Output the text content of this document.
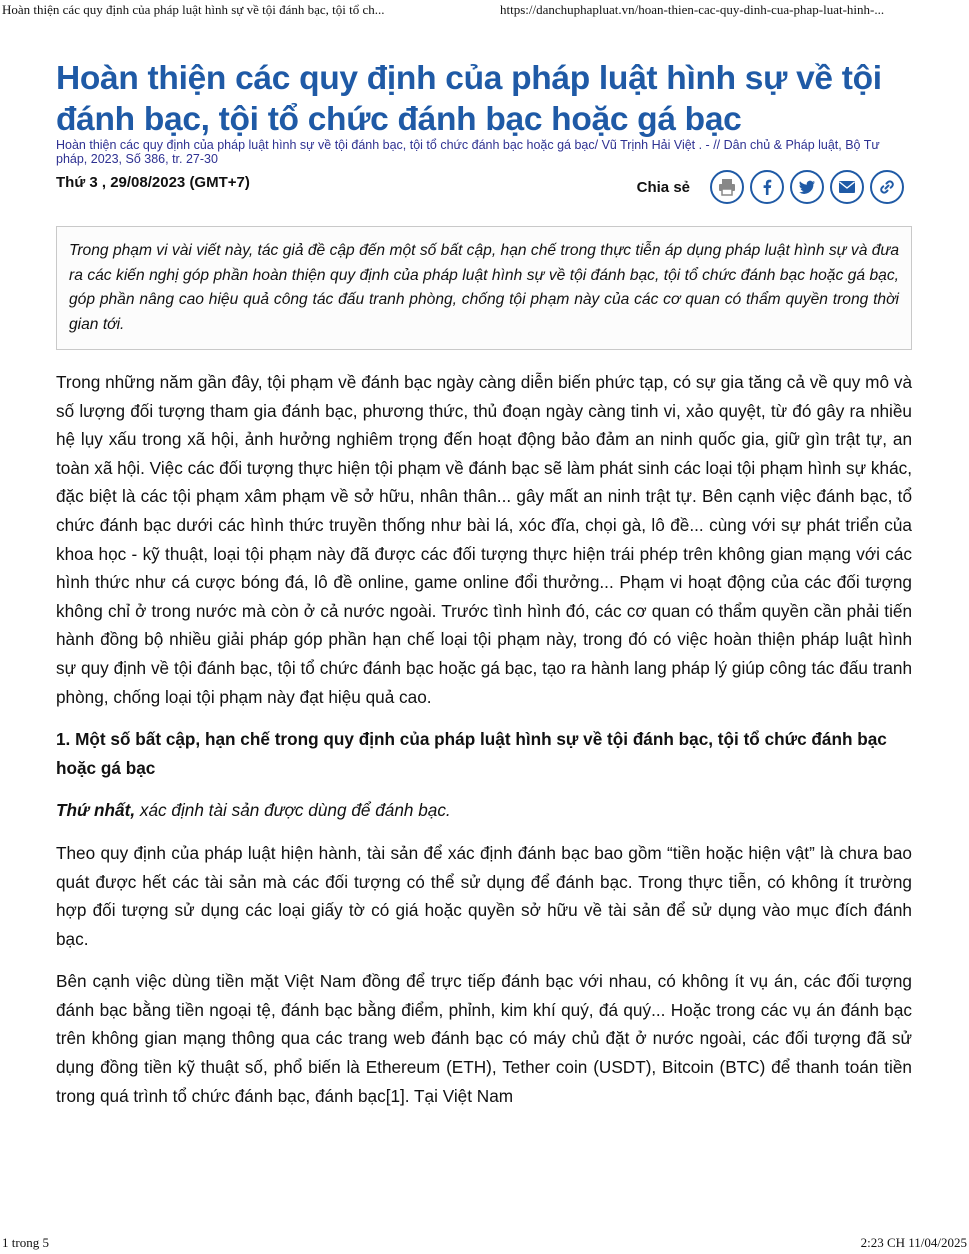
Hoàn thiện các quy định của pháp luật hình sự về tội đánh bạc, tội tổ ch...	https://danchuphapluat.vn/hoan-thien-cac-quy-dinh-cua-phap-luat-hinh-...
Hoàn thiện các quy định của pháp luật hình sự về tội đánh bạc, tội tổ chức đánh bạc hoặc gá bạc

Hoàn thiện các quy định của pháp luật hình sự về tội đánh bạc, tội tổ chức đánh bạc hoặc gá bạc/ Vũ Trịnh Hải Việt . - // Dân chủ & Pháp luật, Bộ Tư pháp, 2023, Số 386, tr. 27-30

Thứ 3 , 29/08/2023 (GMT+7)	Chia sẻ

Trong phạm vi vài viết này, tác giả đề cập đến một số bất cập, hạn chế trong thực tiễn áp dụng pháp luật hình sự và đưa ra các kiến nghị góp phần hoàn thiện quy định của pháp luật hình sự về tội đánh bạc, tội tổ chức đánh bạc hoặc gá bạc, góp phần nâng cao hiệu quả công tác đấu tranh phòng, chống tội phạm này của các cơ quan có thẩm quyền trong thời gian tới.

Trong những năm gần đây, tội phạm về đánh bạc ngày càng diễn biến phức tạp, có sự gia tăng cả về quy mô và số lượng đối tượng tham gia đánh bạc, phương thức, thủ đoạn ngày càng tinh vi, xảo quyệt, từ đó gây ra nhiều hệ lụy xấu trong xã hội, ảnh hưởng nghiêm trọng đến hoạt động bảo đảm an ninh quốc gia, giữ gìn trật tự, an toàn xã hội. Việc các đối tượng thực hiện tội phạm về đánh bạc sẽ làm phát sinh các loại tội phạm hình sự khác, đặc biệt là các tội phạm xâm phạm về sở hữu, nhân thân... gây mất an ninh trật tự. Bên cạnh việc đánh bạc, tổ chức đánh bạc dưới các hình thức truyền thống như bài lá, xóc đĩa, chọi gà, lô đề... cùng với sự phát triển của khoa học - kỹ thuật, loại tội phạm này đã được các đối tượng thực hiện trái phép trên không gian mạng với các hình thức như cá cược bóng đá, lô đề online, game online đổi thưởng... Phạm vi hoạt động của các đối tượng không chỉ ở trong nước mà còn ở cả nước ngoài. Trước tình hình đó, các cơ quan có thẩm quyền cần phải tiến hành đồng bộ nhiều giải pháp góp phần hạn chế loại tội phạm này, trong đó có việc hoàn thiện pháp luật hình sự quy định về tội đánh bạc, tội tổ chức đánh bạc hoặc gá bạc, tạo ra hành lang pháp lý giúp công tác đấu tranh phòng, chống loại tội phạm này đạt hiệu quả cao.

1. Một số bất cập, hạn chế trong quy định của pháp luật hình sự về tội đánh bạc, tội tổ chức đánh bạc hoặc gá bạc

Thứ nhất, xác định tài sản được dùng để đánh bạc.

Theo quy định của pháp luật hiện hành, tài sản để xác định đánh bạc bao gồm “tiền hoặc hiện vật” là chưa bao quát được hết các tài sản mà các đối tượng có thể sử dụng để đánh bạc. Trong thực tiễn, có không ít trường hợp đối tượng sử dụng các loại giấy tờ có giá hoặc quyền sở hữu về tài sản để sử dụng vào mục đích đánh bạc.

Bên cạnh việc dùng tiền mặt Việt Nam đồng để trực tiếp đánh bạc với nhau, có không ít vụ án, các đối tượng đánh bạc bằng tiền ngoại tệ, đánh bạc bằng điểm, phỉnh, kim khí quý, đá quý... Hoặc trong các vụ án đánh bạc trên không gian mạng thông qua các trang web đánh bạc có máy chủ đặt ở nước ngoài, các đối tượng đã sử dụng đồng tiền kỹ thuật số, phổ biến là Ethereum (ETH), Tether coin (USDT), Bitcoin (BTC) để thanh toán tiền trong quá trình tổ chức đánh bạc, đánh bạc[1]. Tại Việt Nam

1 trong 5	2:23 CH 11/04/2025
